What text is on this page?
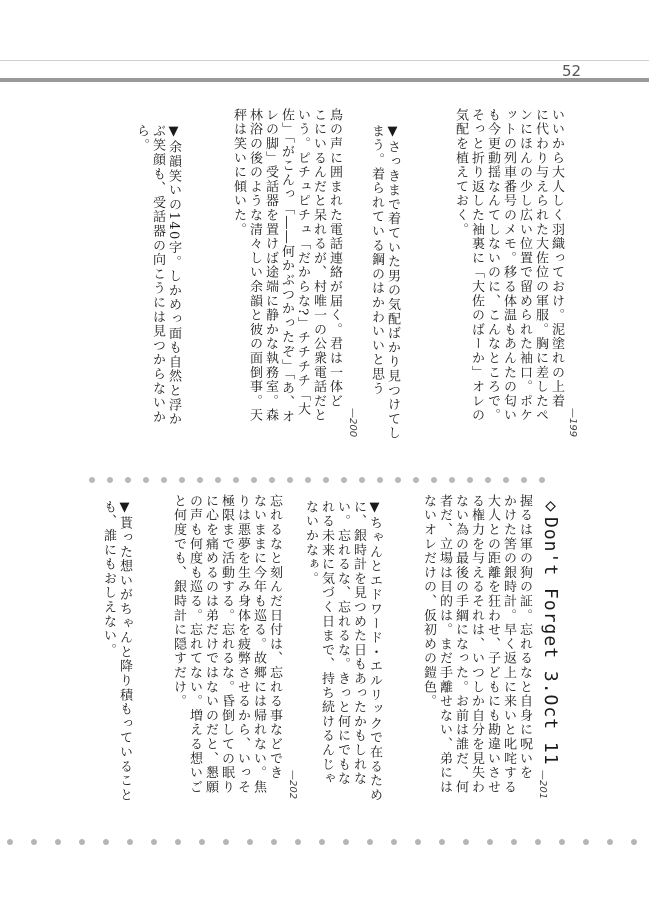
52
—199

いいから大人しく羽織っておけ。泥塗れの上着
に代わり与えられた大佐位の軍服。胸に差したペ
ンにほんの少し広い位置で留められた袖口。ポケ
ットの列車番号のメモ。移る体温もあんたの匂い
も今更動揺なんてしないのに、こんなところで。
そっと折り返した袖裏に「大佐のばーか」オレの
気配を植えておく。

▼さっきまで着ていた男の気配ばかり見つけてし
まう。着られている鋼のはかわいいと思う

—200

鳥の声に囲まれた電話連絡が届く。君は一体ど
こにいるんだと呆れるが、村唯一の公衆電話だと
いう。ピチュピチュ「だからな?」チチチチ「大
佐」「がこんっ「――何かぶつかったぞ」「あ、オ
レの脚」受話器を置けば途端に静かな執務室。森
林浴の後のような清々しい余韻と彼の面倒事。天
秤は笑いに傾いた。

▼余韻笑いの140字。しかめっ面も自然と浮か
ぶ笑顔も、受話器の向こうには見つからないか
ら。

◇Don't Forget 3.Oct 11

—201

握るは軍の狗の証。忘れるなと自身に呪いを
かけた筈の銀時計。早く返上に来いと叱咤する
大人との距離を狂わせ、子どもにも勘違いさせ
る権力を与えるそれは、いつしか自分を見失わ
ない為の最後の手綱になった。お前は誰だ、何
者だ、立場は目的は。まだ手離せない、弟には
ないオレだけの、仮初めの鎧色。

▼ちゃんとエドワード・エルリックで在るため
に、銀時計を見つめた日もあったかもしれな
い。忘れるな、忘れるな。きっと何にでもな
れる未来に気づく日まで、持ち続けるんじゃ
ないかなぁ。

—202

忘れるなと刻んだ日付は、忘れる事などでき
ないままに今年も巡る。故郷には帰れない。焦
りは悪夢を生み身体を疲弊させるから、いっそ
極限まで活動する。忘れるな。昏倒しての眠り
に心を痛めるのは弟だけではないのだと、懇願
の声も何度も巡る。忘れてない。増える想いご
と何度でも、銀時計に隠すだけ。

▼貰った想いがちゃんと降り積もっていること
も、誰にもおしえない。
